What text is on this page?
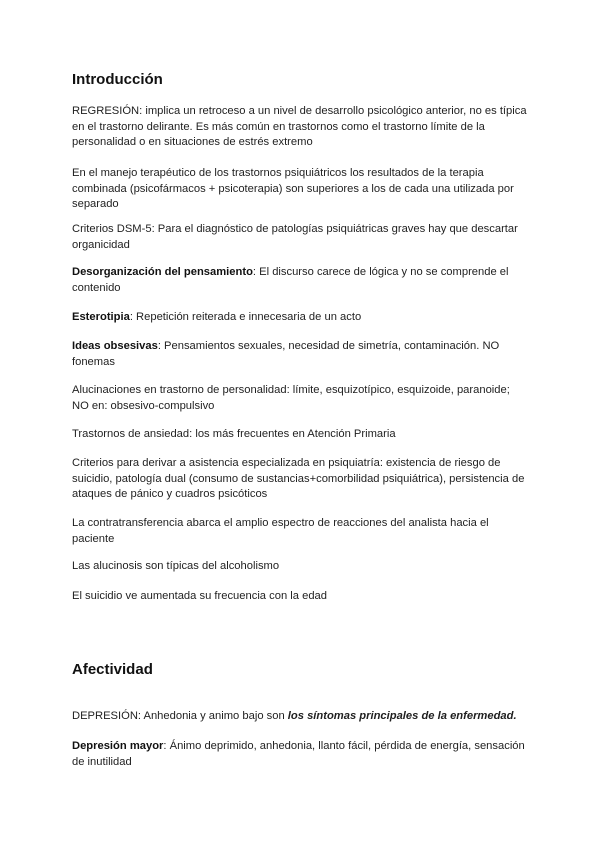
Introducción

REGRESIÓN: implica un retroceso a un nivel de desarrollo psicológico anterior, no es típica en el trastorno delirante. Es más común en trastornos como el trastorno límite de la personalidad o en situaciones de estrés extremo

En el manejo terapéutico de los trastornos psiquiátricos los resultados de la terapia combinada (psicofármacos + psicoterapia) son superiores a los de cada una utilizada por separado

Criterios DSM-5: Para el diagnóstico de patologías psiquiátricas graves hay que descartar organicidad

Desorganización del pensamiento: El discurso carece de lógica y no se comprende el contenido

Esterotipia: Repetición reiterada e innecesaria de un acto

Ideas obsesivas: Pensamientos sexuales, necesidad de simetría, contaminación. NO fonemas

Alucinaciones en trastorno de personalidad: límite, esquizotípico, esquizoide, paranoide; NO en: obsesivo-compulsivo

Trastornos de ansiedad: los más frecuentes en Atención Primaria

Criterios para derivar a asistencia especializada en psiquiatría: existencia de riesgo de suicidio, patología dual (consumo de sustancias+comorbilidad psiquiátrica), persistencia de ataques de pánico y cuadros psicóticos

La contratransferencia abarca el amplio espectro de reacciones del analista hacia el paciente

Las alucinosis son típicas del alcoholismo

El suicidio ve aumentada su frecuencia con la edad

Afectividad

DEPRESIÓN: Anhedonia y animo bajo son los síntomas principales de la enfermedad.

Depresión mayor: Ánimo deprimido, anhedonia, llanto fácil, pérdida de energía, sensación de inutilidad
